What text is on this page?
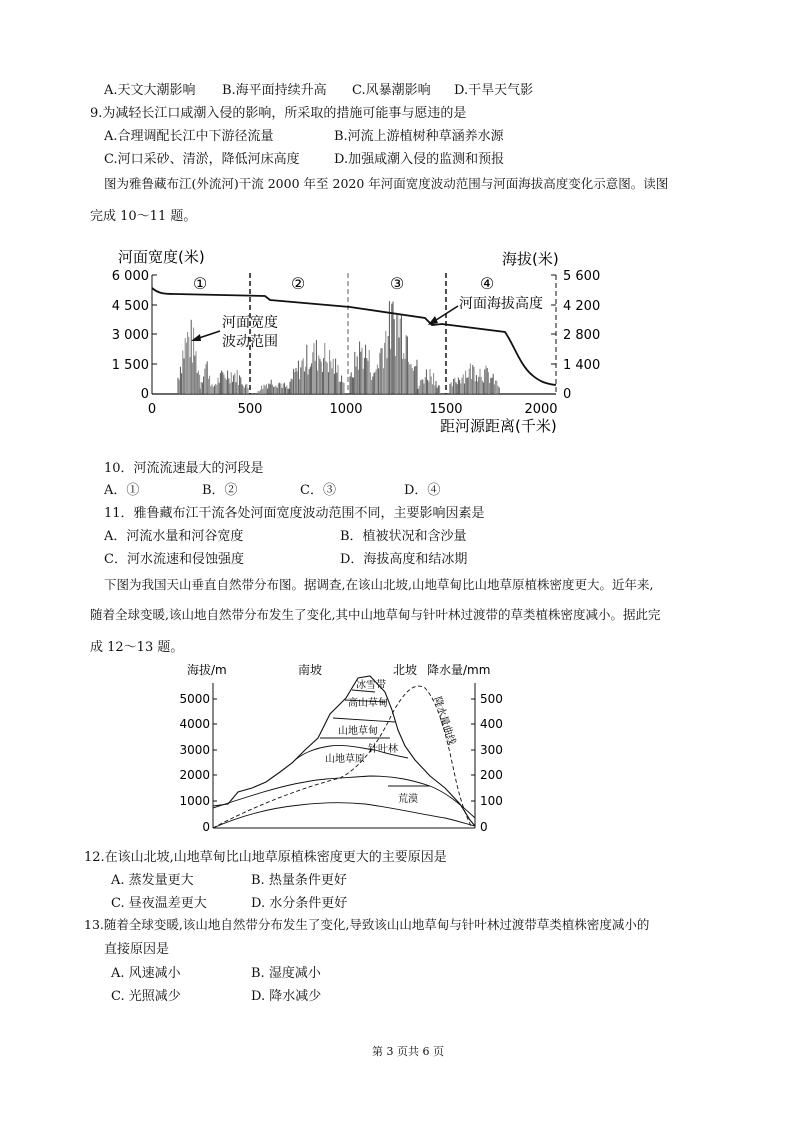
A.天文大潮影响 B.海平面持续升高 C.风暴潮影响 D.干旱天气影
9.为减轻长江口咸潮入侵的影响，所采取的措施可能事与愿违的是
A.合理调配长江中下游径流量	B.河流上游植树种草涵养水源
C.河口采砂、清淤，降低河床高度	D.加强咸潮入侵的监测和预报
图为雅鲁藏布江(外流河)干流 2000 年至 2020 年河面宽度波动范围与河面海拔高度变化示意图。读图
完成 10～11 题。
河面宽度(米)	海拔(米)
6 000
4 500
3 000
1 500
0
5 600
4 200
2 800
1 400
0
①	②	③	④
河面宽度
波动范围
河面海拔高度
0	500	1000	1500	2000
距河源距离(千米)
10．河流流速最大的河段是
A．①	B．②	C．③	D．④
11．雅鲁藏布江干流各处河面宽度波动范围不同，主要影响因素是
A．河流水量和河谷宽度	B．植被状况和含沙量
C．河水流速和侵蚀强度	D．海拔高度和结冰期
下图为我国天山垂直自然带分布图。据调查,在该山北坡,山地草甸比山地草原植株密度更大。近年来,
随着全球变暖,该山地自然带分布发生了变化,其中山地草甸与针叶林过渡带的草类植株密度减小。据此完
成 12～13 题。
海拔/m	南坡	北坡 降水量/mm
5000
4000
3000
2000
1000
0
500
400
300
200
100
0
冰雪带
高山草甸
山地草甸
针叶林
山地草原
荒漠
降水量曲线
12.在该山北坡,山地草甸比山地草原植株密度更大的主要原因是
A. 蒸发量更大	B. 热量条件更好
C. 昼夜温差更大	D. 水分条件更好
13.随着全球变暖,该山地自然带分布发生了变化,导致该山山地草甸与针叶林过渡带草类植株密度减小的
直接原因是
A. 风速减小	B. 湿度减小
C. 光照减少	D. 降水减少
第 3 页共 6 页
